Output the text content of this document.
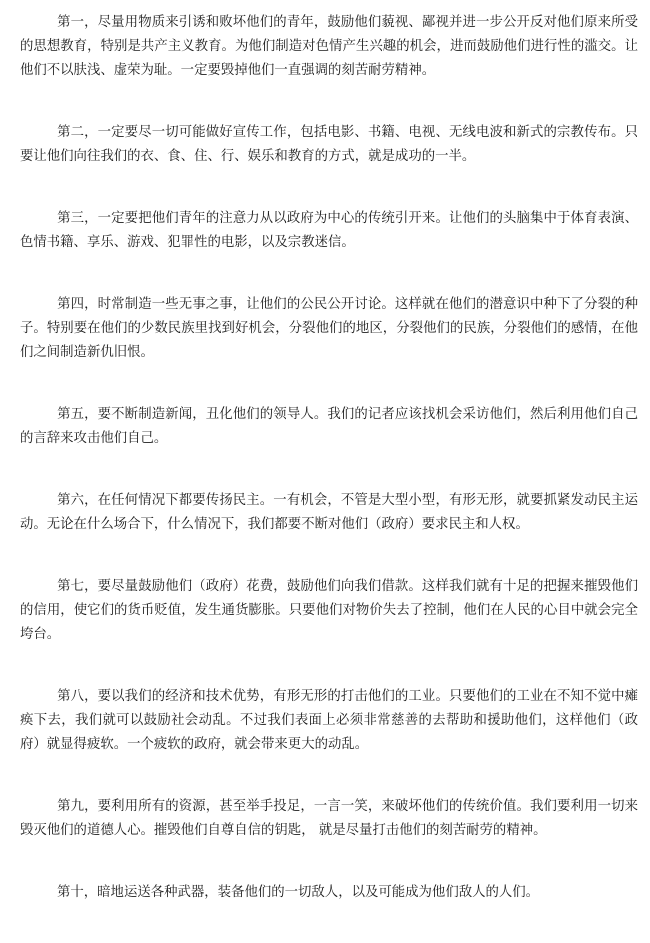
第一，尽量用物质来引诱和败坏他们的青年，鼓励他们藐视、鄙视并进一步公开反对他们原来所受的思想教育，特别是共产主义教育。为他们制造对色情产生兴趣的机会，进而鼓励他们进行性的滥交。让他们不以肤浅、虚荣为耻。一定要毁掉他们一直强调的刻苦耐劳精神。

第二，一定要尽一切可能做好宣传工作，包括电影、书籍、电视、无线电波和新式的宗教传布。只要让他们向往我们的衣、食、住、行、娱乐和教育的方式，就是成功的一半。

第三，一定要把他们青年的注意力从以政府为中心的传统引开来。让他们的头脑集中于体育表演、色情书籍、享乐、游戏、犯罪性的电影，以及宗教迷信。

第四，时常制造一些无事之事，让他们的公民公开讨论。这样就在他们的潜意识中种下了分裂的种子。特别要在他们的少数民族里找到好机会，分裂他们的地区，分裂他们的民族，分裂他们的感情，在他们之间制造新仇旧恨。

第五，要不断制造新闻，丑化他们的领导人。我们的记者应该找机会采访他们，然后利用他们自己的言辞来攻击他们自己。

第六，在任何情况下都要传扬民主。一有机会，不管是大型小型，有形无形，就要抓紧发动民主运动。无论在什么场合下，什么情况下，我们都要不断对他们（政府）要求民主和人权。

第七，要尽量鼓励他们（政府）花费，鼓励他们向我们借款。这样我们就有十足的把握来摧毁他们的信用，使它们的货币贬值，发生通货膨胀。只要他们对物价失去了控制，他们在人民的心目中就会完全垮台。

第八，要以我们的经济和技术优势，有形无形的打击他们的工业。只要他们的工业在不知不觉中瘫痪下去，我们就可以鼓励社会动乱。不过我们表面上必须非常慈善的去帮助和援助他们，这样他们（政府）就显得疲软。一个疲软的政府，就会带来更大的动乱。

第九，要利用所有的资源，甚至举手投足，一言一笑，来破坏他们的传统价值。我们要利用一切来毁灭他们的道德人心。摧毁他们自尊自信的钥匙， 就是尽量打击他们的刻苦耐劳的精神。

第十，暗地运送各种武器，装备他们的一切敌人，以及可能成为他们敌人的人们。
